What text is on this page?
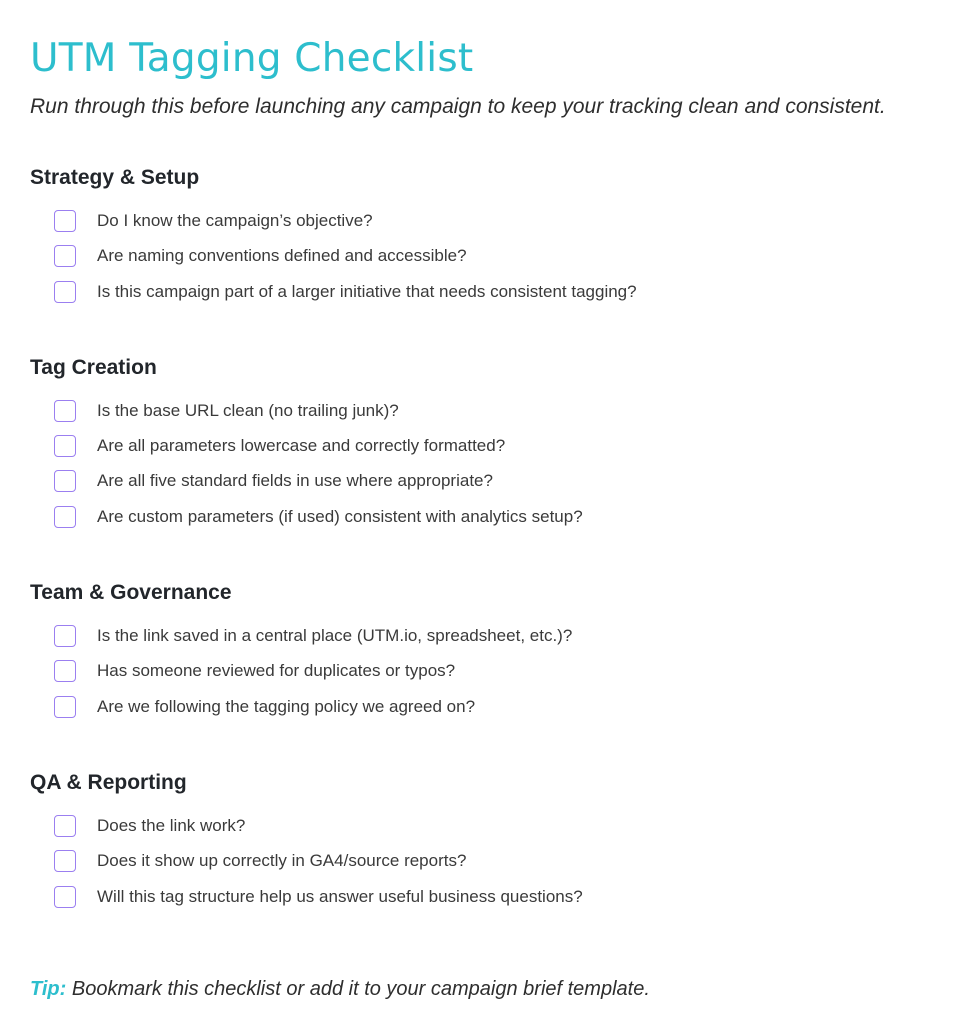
UTM Tagging Checklist

Run through this before launching any campaign to keep your tracking clean and consistent.

Strategy & Setup
Do I know the campaign’s objective?
Are naming conventions defined and accessible?
Is this campaign part of a larger initiative that needs consistent tagging?
Tag Creation
Is the base URL clean (no trailing junk)?
Are all parameters lowercase and correctly formatted?
Are all five standard fields in use where appropriate?
Are custom parameters (if used) consistent with analytics setup?
Team & Governance
Is the link saved in a central place (UTM.io, spreadsheet, etc.)?
Has someone reviewed for duplicates or typos?
Are we following the tagging policy we agreed on?
QA & Reporting
Does the link work?
Does it show up correctly in GA4/source reports?
Will this tag structure help us answer useful business questions?

Tip: Bookmark this checklist or add it to your campaign brief template.
